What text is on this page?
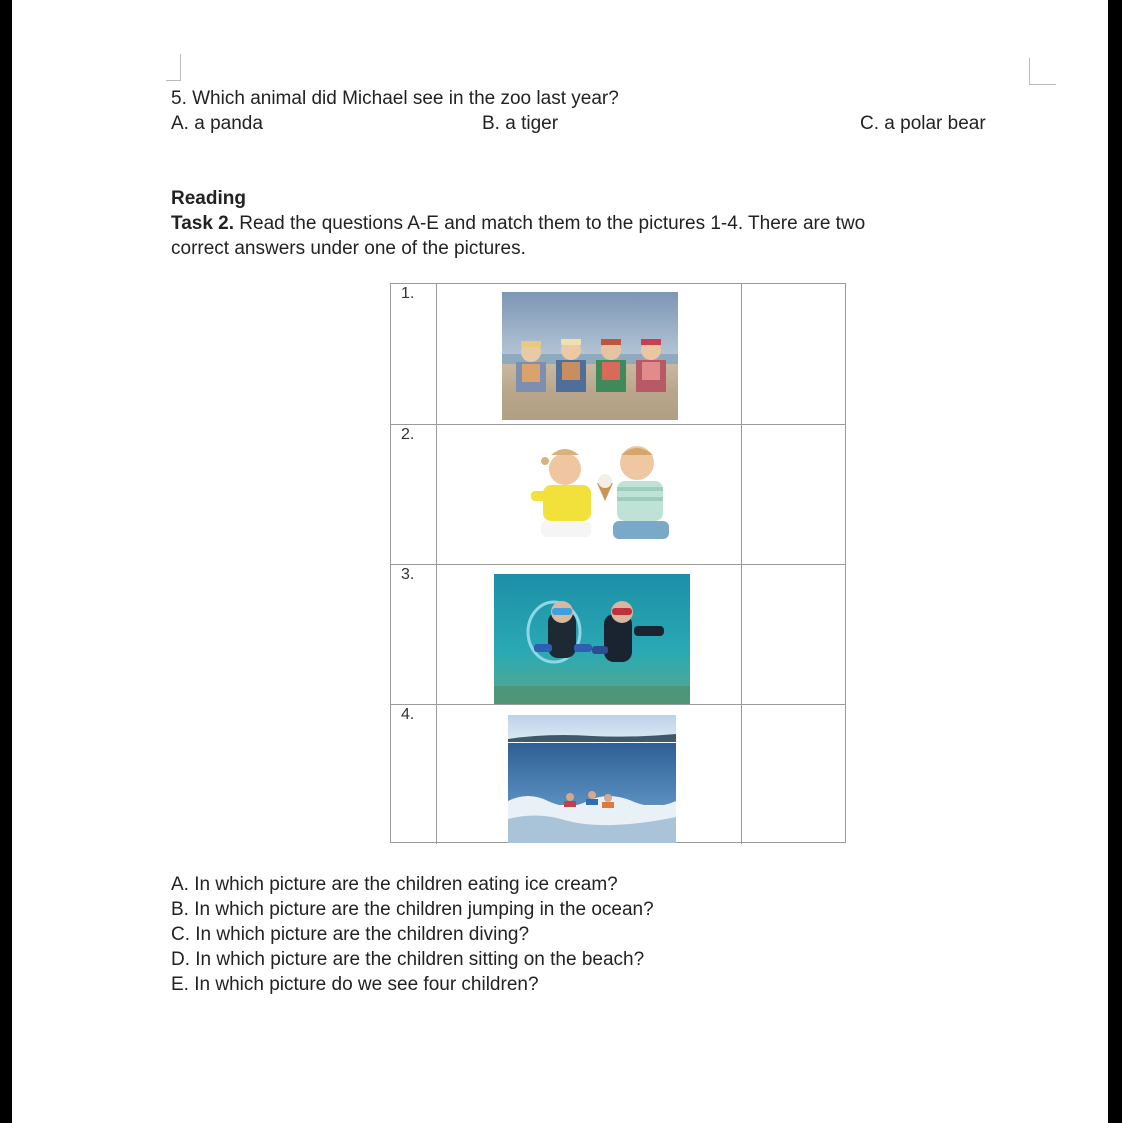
5. Which animal did Michael see in the zoo last year?
A. a panda	B. a tiger	C. a polar bear
Reading
Task 2. Read the questions A-E and match them to the pictures 1-4. There are two
correct answers under one of the pictures.
1.
2.
3.
4.
A. In which picture are the children eating ice cream?
B. In which picture are the children jumping in the ocean?
C. In which picture are the children diving?
D. In which picture are the children sitting on the beach?
E. In which picture do we see four children?
